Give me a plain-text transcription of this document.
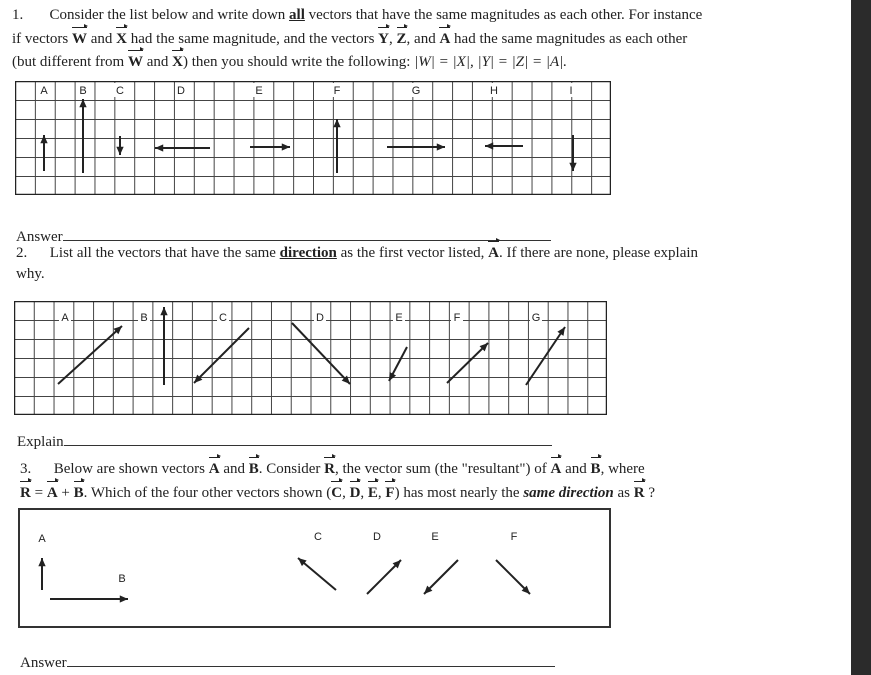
1. Consider the list below and write down all vectors that have the same magnitudes as each other. For instance
if vectors W and X had the same magnitude, and the vectors Y, Z, and A had the same magnitudes as each other
(but different from W and X) then you should write the following: |W| = |X|, |Y| = |Z| = |A|.
A	B	C	D	E	F	G	H	I
Answer
2. List all the vectors that have the same direction as the first vector listed, A. If there are none, please explain
why.
A	B	C	D	E	F	G
Explain
3. Below are shown vectors A and B. Consider R, the vector sum (the "resultant") of A and B, where
R = A + B. Which of the four other vectors shown (C, D, E, F) has most nearly the same direction as R ?
A
B
C	D	E	F
Answer
